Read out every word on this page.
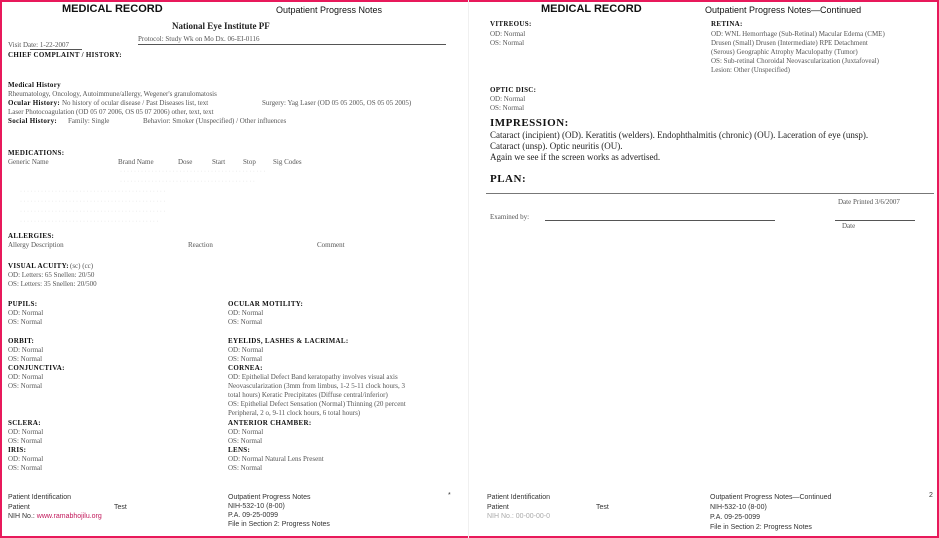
MEDICAL RECORD	Outpatient Progress Notes
National Eye Institute PF
Protocol: Study Wk on Mo Dx. 06-EI-0116
Visit Date: 1-22-2007
CHIEF COMPLAINT / HISTORY:
Medical History
Rheumatology, Oncology, Autoimmune/allergy, Wegener's granulomatosis
Ocular History: No history of ocular disease / Past Diseases list, text	Surgery: Yag Laser (OD 05 05 2005, OS 05 05 2005)
Laser Photocoagulation (OD 05 07 2006, OS 05 07 2006) other, text, text
Social History: Family: Single	Behavior: Smoker (Unspecified) / Other influences
MEDICATIONS:
Generic Name	Brand Name	Dose	Start	Stop Sig Codes
· · · · · · · · · · · · · · · · · · · · · · · · · · · · · · · · · · · · · · · · · ·
· · · · · · · · · · · · · · · · · · · · · · · · · · · · · · · · · · · · · · ·
· · · · · · · · · · · · · · · · · · · · · · · · · · · · · · · · · · · · · · · · · ·
· · · · · · · · · · · · · · · · · · · · · · · · · · · · · · · · · · · · · · · · · ·
· · · · · · · · · · · · · · · · · · · · · · · · · · · · · · · · · · · · · · · · · ·
· · · · · · · · · · · · · · · · · · · · · · · · · · · · · · · · · · · · · · · ·
ALLERGIES:
Allergy Description	Reaction	Comment
VISUAL ACUITY: (sc) (cc)
OD: Letters: 65 Snellen: 20/50
OS: Letters: 35 Snellen: 20/500
PUPILS:
OD: Normal
OS: Normal
ORBIT:
OD: Normal
OS: Normal
CONJUNCTIVA:
OD: Normal
OS: Normal
SCLERA:
OD: Normal
OS: Normal
IRIS:
OD: Normal
OS: Normal
OCULAR MOTILITY:
OD: Normal
OS: Normal
EYELIDS, LASHES & LACRIMAL:
OD: Normal
OS: Normal
CORNEA:
OD: Epithelial Defect Band keratopathy involves visual axis
Neovascularization (3mm from limbus, 1-2 5-11 clock hours, 3
total hours) Keratic Precipitates (Diffuse central/inferior)
OS: Epithelial Defect Sensation (Normal) Thinning (20 percent
Peripheral, 2 o, 9-11 clock hours, 6 total hours)
ANTERIOR CHAMBER:
OD: Normal
OS: Normal
LENS:
OD: Normal Natural Lens Present
OS: Normal
Patient Identification
Patient	Test
NIH No.: www.ramabhojilu.org
Outpatient Progress Notes
NIH-532-10 (8-00)
P.A. 09-25-0099
File in Section 2: Progress Notes
*
MEDICAL RECORD	Outpatient Progress Notes—Continued
VITREOUS:
OD: Normal
OS: Normal
RETINA:
OD: WNL Hemorrhage (Sub-Retinal) Macular Edema (CME)
Drusen (Small) Drusen (Intermediate) RPE Detachment
(Serous) Geographic Atrophy Maculopathy (Tumor)
OS: Sub-retinal Choroidal Neovascularization (Juxtafoveal)
Lesion: Other (Unspecified)
OPTIC DISC:
OD: Normal
OS: Normal
IMPRESSION:
Cataract (incipient) (OD). Keratitis (welders). Endophthalmitis (chronic) (OU). Laceration of eye (unsp).
Cataract (unsp). Optic neuritis (OU).
Again we see if the screen works as advertised.
PLAN:
Date Printed 3/6/2007
Examined by:
Date
Patient Identification
Patient	Test
NIH No.: 00-00-00-0
Outpatient Progress Notes—Continued
NIH-532-10 (8-00)
P.A. 09-25-0099
File in Section 2: Progress Notes
2
